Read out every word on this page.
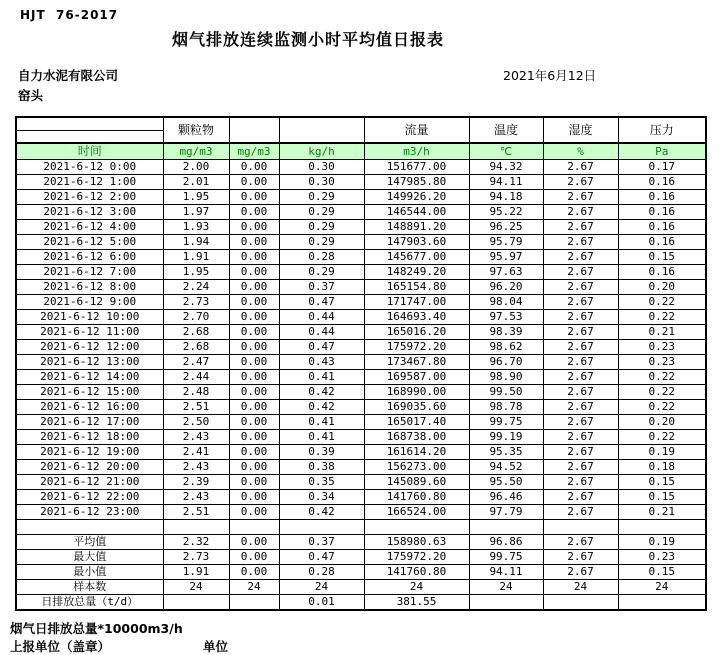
HJT  76-2017
烟气排放连续监测小时平均值日报表
自力水泥有限公司	2021年6月12日
窑头
	颗粒物			流量	温度	湿度	压力
时间	mg/m3	mg/m3	kg/h	m3/h	℃	%	Pa
2021-6-12 0:00	2.00	0.00	0.30	151677.00	94.32	2.67	0.17
2021-6-12 1:00	2.01	0.00	0.30	147985.80	94.11	2.67	0.16
2021-6-12 2:00	1.95	0.00	0.29	149926.20	94.18	2.67	0.16
2021-6-12 3:00	1.97	0.00	0.29	146544.00	95.22	2.67	0.16
2021-6-12 4:00	1.93	0.00	0.29	148891.20	96.25	2.67	0.16
2021-6-12 5:00	1.94	0.00	0.29	147903.60	95.79	2.67	0.16
2021-6-12 6:00	1.91	0.00	0.28	145677.00	95.97	2.67	0.15
2021-6-12 7:00	1.95	0.00	0.29	148249.20	97.63	2.67	0.16
2021-6-12 8:00	2.24	0.00	0.37	165154.80	96.20	2.67	0.20
2021-6-12 9:00	2.73	0.00	0.47	171747.00	98.04	2.67	0.22
2021-6-12 10:00	2.70	0.00	0.44	164693.40	97.53	2.67	0.22
2021-6-12 11:00	2.68	0.00	0.44	165016.20	98.39	2.67	0.21
2021-6-12 12:00	2.68	0.00	0.47	175972.20	98.62	2.67	0.23
2021-6-12 13:00	2.47	0.00	0.43	173467.80	96.70	2.67	0.23
2021-6-12 14:00	2.44	0.00	0.41	169587.00	98.90	2.67	0.22
2021-6-12 15:00	2.48	0.00	0.42	168990.00	99.50	2.67	0.22
2021-6-12 16:00	2.51	0.00	0.42	169035.60	98.78	2.67	0.22
2021-6-12 17:00	2.50	0.00	0.41	165017.40	99.75	2.67	0.20
2021-6-12 18:00	2.43	0.00	0.41	168738.00	99.19	2.67	0.22
2021-6-12 19:00	2.41	0.00	0.39	161614.20	95.35	2.67	0.19
2021-6-12 20:00	2.43	0.00	0.38	156273.00	94.52	2.67	0.18
2021-6-12 21:00	2.39	0.00	0.35	145089.60	95.50	2.67	0.15
2021-6-12 22:00	2.43	0.00	0.34	141760.80	96.46	2.67	0.15
2021-6-12 23:00	2.51	0.00	0.42	166524.00	97.79	2.67	0.21

平均值	2.32	0.00	0.37	158980.63	96.86	2.67	0.19
最大值	2.73	0.00	0.47	175972.20	99.75	2.67	0.23
最小值	1.91	0.00	0.28	141760.80	94.11	2.67	0.15
样本数	24	24	24	24	24	24	24
日排放总量（t/d）			0.01	381.55			
烟气日排放总量*10000m3/h
上报单位（盖章）	单位
